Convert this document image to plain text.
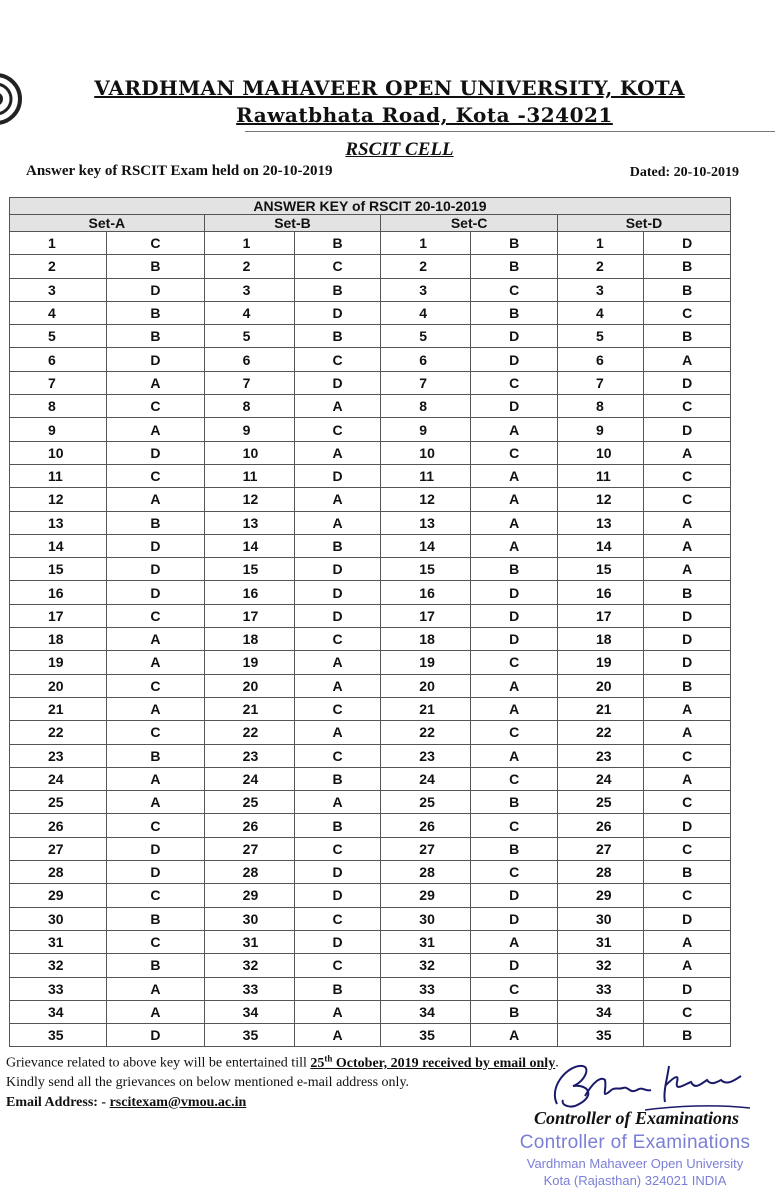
VARDHMAN MAHAVEER OPEN UNIVERSITY, KOTA
Rawatbhata Road, Kota -324021
RSCIT CELL
Answer key of RSCIT Exam held on 20-10-2019	Dated: 20-10-2019
ANSWER KEY of RSCIT 20-10-2019							
Set-A		Set-B		Set-C		Set-D	
1	C	1	B	1	B	1	D
2	B	2	C	2	B	2	B
3	D	3	B	3	C	3	B
4	B	4	D	4	B	4	C
5	B	5	B	5	D	5	B
6	D	6	C	6	D	6	A
7	A	7	D	7	C	7	D
8	C	8	A	8	D	8	C
9	A	9	C	9	A	9	D
10	D	10	A	10	C	10	A
11	C	11	D	11	A	11	C
12	A	12	A	12	A	12	C
13	B	13	A	13	A	13	A
14	D	14	B	14	A	14	A
15	D	15	D	15	B	15	A
16	D	16	D	16	D	16	B
17	C	17	D	17	D	17	D
18	A	18	C	18	D	18	D
19	A	19	A	19	C	19	D
20	C	20	A	20	A	20	B
21	A	21	C	21	A	21	A
22	C	22	A	22	C	22	A
23	B	23	C	23	A	23	C
24	A	24	B	24	C	24	A
25	A	25	A	25	B	25	C
26	C	26	B	26	C	26	D
27	D	27	C	27	B	27	C
28	D	28	D	28	C	28	B
29	C	29	D	29	D	29	C
30	B	30	C	30	D	30	D
31	C	31	D	31	A	31	A
32	B	32	C	32	D	32	A
33	A	33	B	33	C	33	D
34	A	34	A	34	B	34	C
35	D	35	A	35	A	35	B
Grievance related to above key will be entertained till 25th October, 2019 received by email only.
Kindly send all the grievances on below mentioned e-mail address only.
Email Address: - rscitexam@vmou.ac.in
Controller of Examinations
Controller of Examinations
Vardhman Mahaveer Open University
Kota (Rajasthan) 324021 INDIA
